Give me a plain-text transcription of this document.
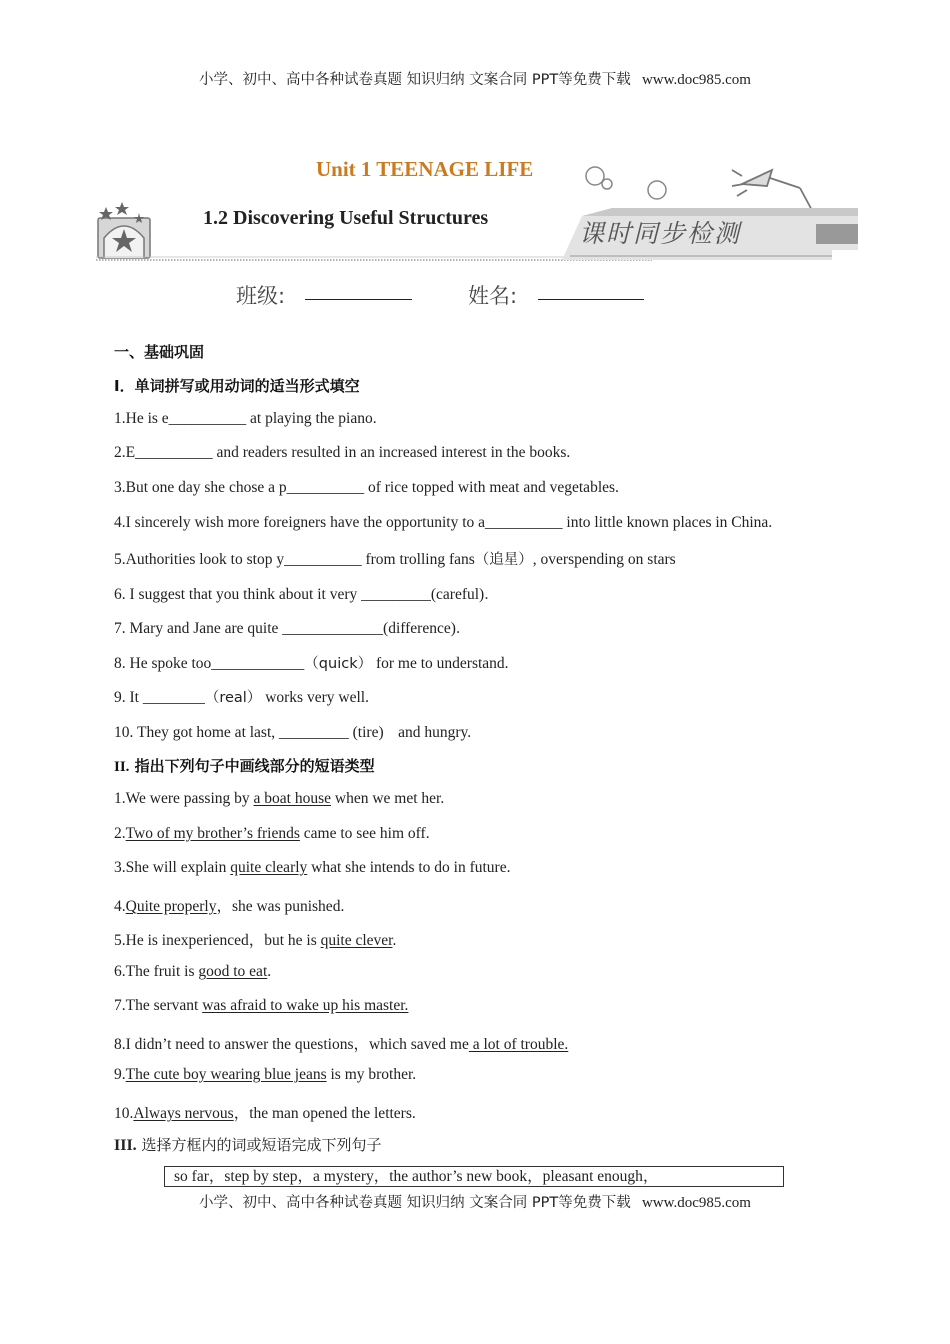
小学、初中、高中各种试卷真题 知识归纳 文案合同 PPT等免费下载 www.doc985.com
Unit 1 TEENAGE LIFE
1.2 Discovering Useful Structures
课时同步检测
班级:	姓名:
一、基础巩固
I．单词拼写或用动词的适当形式填空
1.He is e__________ at playing the piano.
2.E__________ and readers resulted in an increased interest in the books.
3.But one day she chose a p__________ of rice topped with meat and vegetables.
4.I sincerely wish more foreigners have the opportunity to a__________ into little known places in China.
5.Authorities look to stop y__________ from trolling fans（追星）, overspending on stars
6. I suggest that you think about it very _________(careful)．
7. Mary and Jane are quite _____________(difference)．
8. He spoke too____________（quick） for me to understand.
9. It ________（real） works very well.
10. They got home at last, _________ (tire)　 and hungry.
II. 指出下列句子中画线部分的短语类型
1.We were passing by a boat house when we met her.
2.Two of my brother’s friends came to see him off.
3.She will explain quite clearly what she intends to do in future.
4.Quite properly，she was punished.
5.He is inexperienced，but he is quite clever.
6.The fruit is good to eat.
7.The servant was afraid to wake up his master.
8.I didn’t need to answer the questions，which saved me a lot of trouble.
9.The cute boy wearing blue jeans is my brother.
10.Always nervous，the man opened the letters.
III. 选择方框内的词或短语完成下列句子
so far，step by step，a mystery，the author’s new book，pleasant enough，
小学、初中、高中各种试卷真题 知识归纳 文案合同 PPT等免费下载 www.doc985.com
